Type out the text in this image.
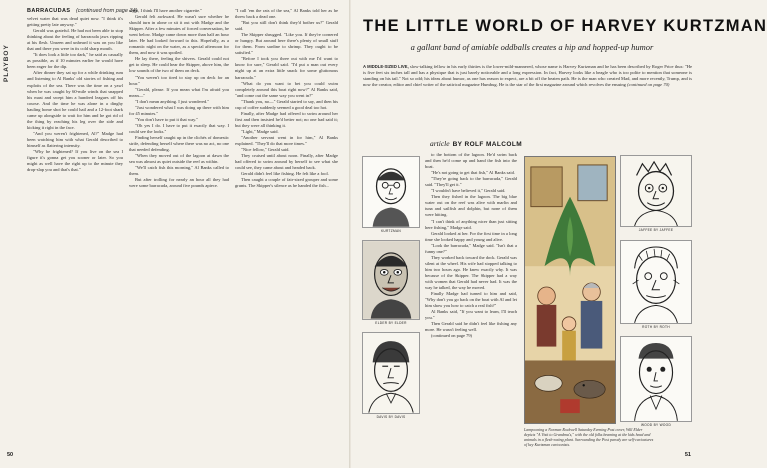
PLAYBOY
BARRACUDAS (continued from page 34)

velvet water that was dead quiet now. "I think it's getting pretty late anyway."

Gerald was grateful. He had not been able to stop thinking about the feeling of barracuda jaws ripping at his flesh. Unseen and unheard it was on you like that and there you were in its cold sharp mouth.

"It does look a little too dark," he said as casually as possible, as if 10 minutes earlier he would have been eager for the dip.

After dinner they sat up for a while drinking rum and listening to Al Banks' old stories of fishing and exploits of the sea. There was the time on a yawl when he was caught by 60-mile winds that snapped his mast and swept him a hundred leagues off his course. And the time he was alone in a dinghy hauling home shot he could hail and a 12-foot shark came up alongside to wait for him and he got rid of the thing by reaching his leg over the side and kicking it right in the face.

"And you weren't frightened, Al?" Madge had been watching him with what Gerald described to himself as flattering intensity.

"Why be frightened? If you live on the sea I figure it's gonna get you sooner or later. So you might as well have the right up to the minute they drop-slap you and that's that."

night, I think I'll have another cigarette."

Gerald felt awkward. He wasn't sure whether he should turn in alone or sit it out with Madge and the Skipper. After a few minutes of forced conversation, he went below. Madge came down more than half an hour later. He had looked forward to this. Hopefully, as a romantic night on the water, as a special afternoon for them, and now it was spoiled.

He lay there, feeling the shivers. Gerald could not get to sleep. He could hear the Skipper, above him, the low sounds of the two of them on deck.

"You weren't too tired to stay up on deck for an hour."

"Gerald, please. If you mean what I'm afraid you mean—"

"I don't mean anything. I just wondered."

"Just wondered what I was doing up there with him for 45 minutes."

"You don't have to put it that way."

"Oh yes I do. I have to put it exactly that way. I could see the looks."

Finding herself caught up in the clichés of domestic strife, defending herself where there was no act, no one that needed defending.

"When they moved out of the lagoon at dawn the sea was almost as quiet outside the reef as within.

"We'll catch fish this morning," Al Banks called to them.

But after trolling for nearly an hour all they had were some barracuda, around five pounds apiece.

"I call 'em the rats of the sea," Al Banks told her as he threw back a dead one.

"But you still don't think they'd bother us?" Gerald said.

The Skipper shrugged. "Like you. If they're cornered or hungry. But around here there's plenty of small stuff for them. From sardine to shrimp. They ought to be satisfied."

"Before I took you three out with me I'd want to know for sure," Gerald said. "I'd put a man out every night up at an extra little snack for some gluttonous barracuda."

"What do you want to bet you could swim completely around this boat right now?" Al Banks said, "and come out the same way you went in?"

"Thank you, no—" Gerald started to say, and then his cup of coffee suddenly seemed a good deal too hot.

Finally, after Madge had offered to swim around her first and then insisted he'd better not; no one had said it; but they were all thinking it.

"Light," Madge said.

"Another servant went in for him," Al Banks explained. "They'll do that more times."

"Nice fellow," Gerald said.

They cruised until about noon. Finally, after Madge had offered to swim around by herself to see what she could see, they came about and headed back.

Gerald didn't feel like fishing. He felt like a fool.

Then caught a couple of fair-sized grouper and some grunts. The Skipper's silence as he handed the fish...

50
THE LITTLE WORLD OF HARVEY KURTZMAN
a gallant band of amiable oddballs creates a hip and hopped-up humor
A MIDDLE-SIZED LIVE, slow-talking fellow in his early thirties is the lower-mild-mannered, whose name is Harvey Kurtzman and he has been described by Roger Price thus: "He is five feet six inches tall and has a physique that is just barely noticeable and a long expression. In fact, Harvey looks like a beagle who is too polite to mention that someone is standing on his tail." Not so odd; his ideas about humor, as one has reason to expect, are a bit off the beaten path. He is the man who created Mad, and more recently, Trump, and is now the creator, editor and chief writer of the satirical magazine Humbug. He is the star of the first magazine around which revolves the ensuing (continued on page 70)
article BY ROLF MALCOLM

to the bottom of the lagoon. He'd swim back and then he'd come up and hand the fish into the boat.

"He's not going to get that fish," Al Banks said.

"They're going back to the barracuda," Gerald said. "They'll get it."

"I wouldn't have believed it," Gerald said.

Then they fished in the lagoon. The big blue water out on the reef was alive with marlin and tuna and sailfish and dolphin, but none of them were hitting.

"I can't think of anything nicer than just sitting here fishing," Madge said.

Gerald looked at her. For the first time in a long time she looked happy and young and alive.

"Look the barracuda," Madge said. "Isn't that a funny one?"

They worked back toward the dock. Gerald was silent at the wheel. His wife had stopped talking to him two hours ago. He knew exactly why. It was because of the Skipper. The Skipper had a way with women that Gerald had never had. It was the way he talked, the way he moved.

Finally Madge had turned to him and said, "Why don't you go back on the boat with Al and let him show you how to catch a real fish?"

Al Banks said, "If you want to learn, I'll teach you."

Then Gerald said he didn't feel like fishing any more. He wasn't feeling well.

(continued on page 79)

KURTZMAN	JAFFEE BY JAFFEE
ELDER BY ELDER
ROTH BY ROTH
DAVIS BY DAVIS
WOOD BY WOOD
Lampooning a Norman Rockwell Saturday Evening Post cover, Will Elder depicts "A Visit to Grandma's," with the old folks beaming at the kids head and animals in a flesh-eating plant. Surrounding the Post parody are self-caricatures of key Kurtzman cartoonists.
51
